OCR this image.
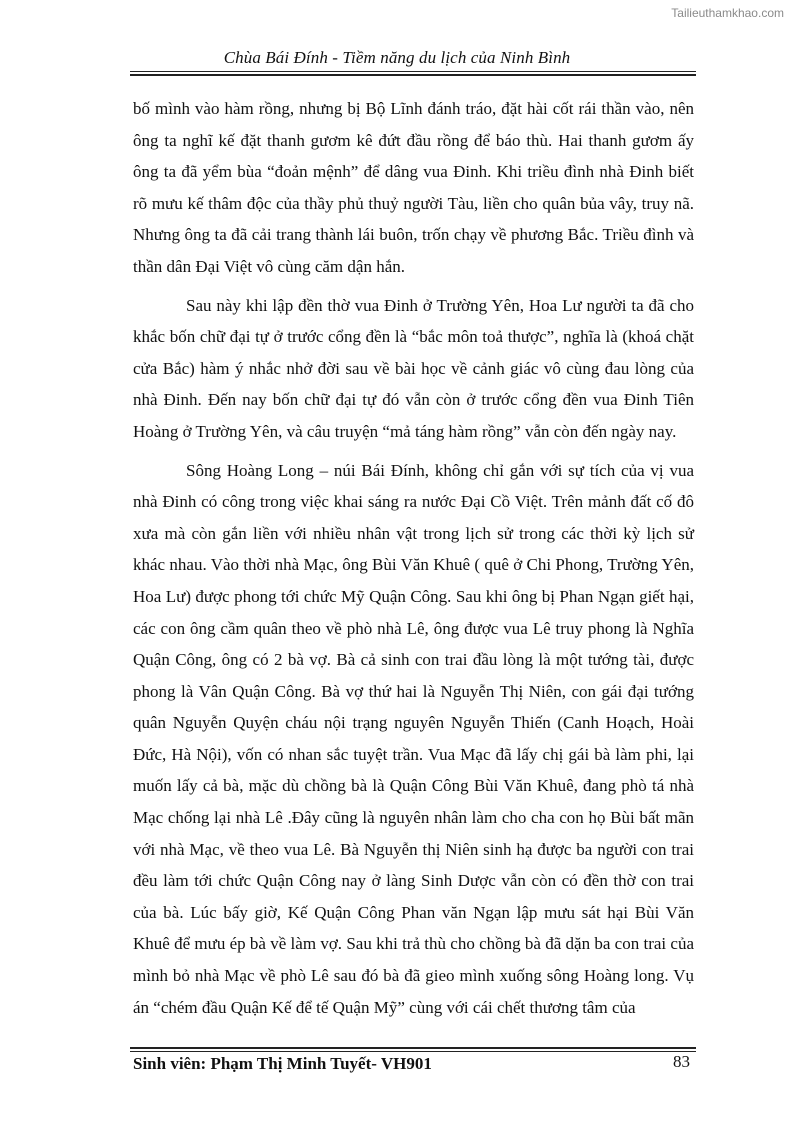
Tailieuthamkhao.com
Chùa Bái Đính - Tiềm năng du lịch của Ninh Bình

bố mình vào hàm rồng, nhưng bị Bộ Lĩnh đánh tráo, đặt hài cốt rái thần vào, nên ông ta nghĩ kế đặt thanh gươm kê đứt đầu rồng để báo thù. Hai thanh gươm ấy ông ta đã yểm bùa “đoản mệnh” để dâng vua Đinh. Khi triều đình nhà Đinh biết rõ mưu kế thâm độc của thầy phủ thuỷ người Tàu, liền cho quân bủa vây, truy nã. Nhưng ông ta đã cải trang thành lái buôn, trốn chạy về phương Bắc. Triều đình và thần dân Đại Việt vô cùng căm dận hắn.

Sau này khi lập đền thờ vua Đinh ở Trường Yên, Hoa Lư người ta đã cho khắc bốn chữ đại tự ở trước cổng đền là “bắc môn toả thược”, nghĩa là (khoá chặt cửa Bắc) hàm ý nhắc nhở đời sau về bài học về cảnh giác vô cùng đau lòng của nhà Đinh. Đến nay bốn chữ đại tự đó vẫn còn ở trước cổng đền vua Đinh Tiên Hoàng ở Trường Yên, và câu truyện “mả táng hàm rồng” vẫn còn đến ngày nay.

Sông Hoàng Long – núi Bái Đính, không chỉ gắn với sự tích của vị vua nhà Đinh có công trong việc khai sáng ra nước Đại Cồ Việt. Trên mảnh đất cố đô xưa mà còn gắn liền với nhiều nhân vật trong lịch sử trong các thời kỳ lịch sử khác nhau. Vào thời nhà Mạc, ông Bùi Văn Khuê ( quê ở Chi Phong, Trường Yên, Hoa Lư) được phong tới chức Mỹ Quận Công. Sau khi ông bị Phan Ngạn giết hại, các con ông cầm quân theo về phò nhà Lê, ông được vua Lê truy phong là Nghĩa Quận Công, ông có 2 bà vợ. Bà cả sinh con trai đầu lòng là một tướng tài, được phong là Vân Quận Công. Bà vợ thứ hai là Nguyễn Thị Niên, con gái đại tướng quân Nguyễn Quyện cháu nội trạng nguyên Nguyễn Thiến (Canh Hoạch, Hoài Đức, Hà Nội), vốn có nhan sắc tuyệt trần. Vua Mạc đã lấy chị gái bà làm phi, lại muốn lấy cả bà, mặc dù chồng bà là Quận Công Bùi Văn Khuê, đang phò tá nhà Mạc chống lại nhà Lê .Đây cũng là nguyên nhân làm cho cha con họ Bùi bất mãn với nhà Mạc, về theo vua Lê. Bà Nguyễn thị Niên sinh hạ được ba người con trai đều làm tới chức Quận Công nay ở làng Sinh Dược vẫn còn có đền thờ con trai của bà. Lúc bấy giờ, Kế Quận Công Phan văn Ngạn lập mưu sát hại Bùi Văn Khuê để mưu ép bà về làm vợ. Sau khi trả thù cho chồng bà đã dặn ba con trai của mình bỏ nhà Mạc về phò Lê sau đó bà đã gieo mình xuống sông Hoàng long. Vụ án “chém đầu Quận Kế để tế Quận Mỹ” cùng với cái chết thương tâm của

Sinh viên: Phạm Thị Minh Tuyết- VH901	83
